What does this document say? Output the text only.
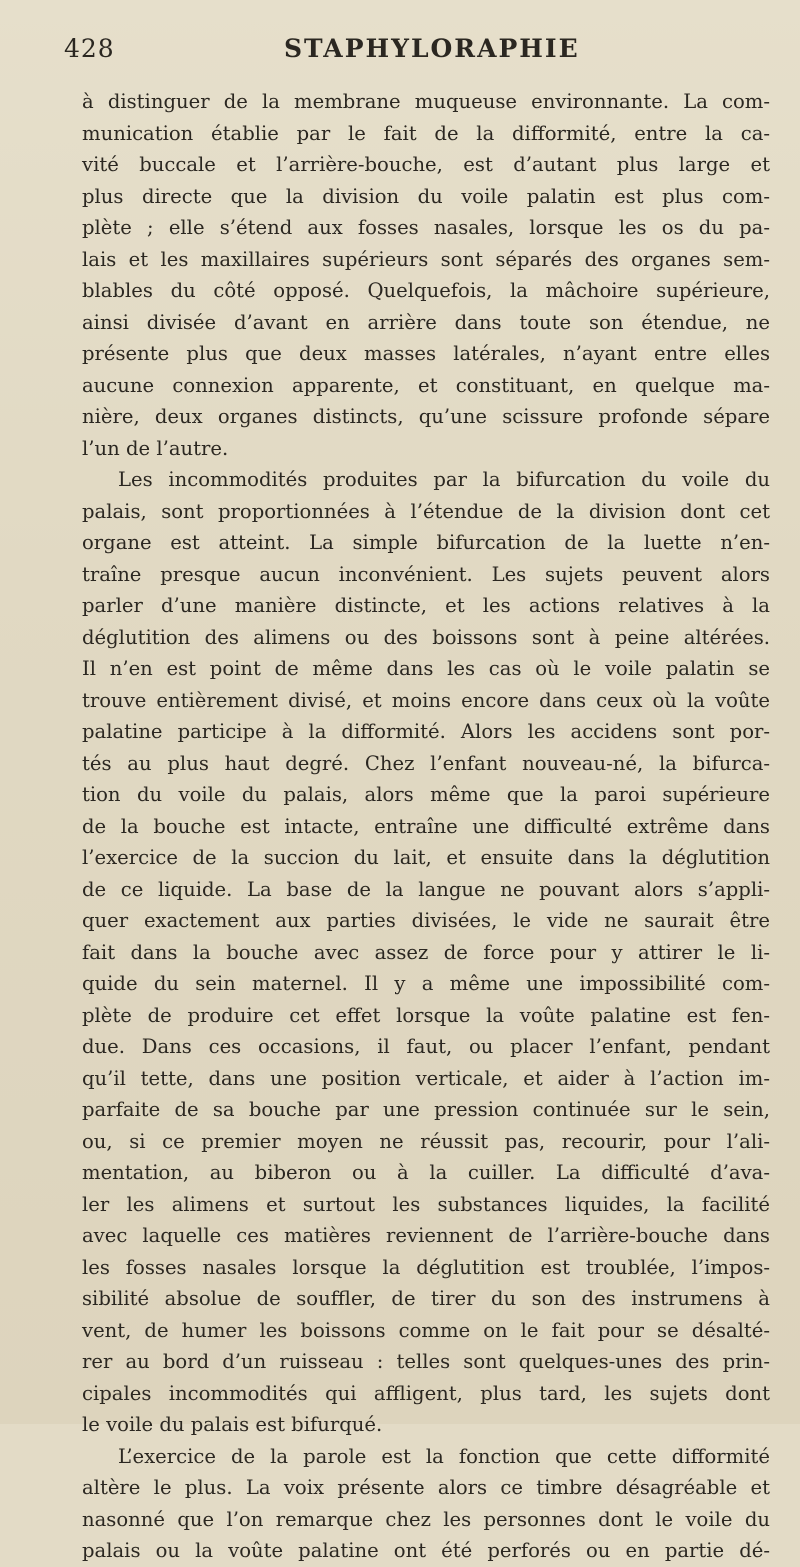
428	STAPHYLORAPHIE
à distinguer de la membrane muqueuse environnante. La com-
munication établie par le fait de la difformité, entre la ca-
vité buccale et l’arrière-bouche, est d’autant plus large et
plus directe que la division du voile palatin est plus com-
plète ; elle s’étend aux fosses nasales, lorsque les os du pa-
lais et les maxillaires supérieurs sont séparés des organes sem-
blables du côté opposé. Quelquefois, la mâchoire supérieure,
ainsi divisée d’avant en arrière dans toute son étendue, ne
présente plus que deux masses latérales, n’ayant entre elles
aucune connexion apparente, et constituant, en quelque ma-
nière, deux organes distincts, qu’une scissure profonde sépare
l’un de l’autre.
Les incommodités produites par la bifurcation du voile du
palais, sont proportionnées à l’étendue de la division dont cet
organe est atteint. La simple bifurcation de la luette n’en-
traîne presque aucun inconvénient. Les sujets peuvent alors
parler d’une manière distincte, et les actions relatives à la
déglutition des alimens ou des boissons sont à peine altérées.
Il n’en est point de même dans les cas où le voile palatin se
trouve entièrement divisé, et moins encore dans ceux où la voûte
palatine participe à la difformité. Alors les accidens sont por-
tés au plus haut degré. Chez l’enfant nouveau-né, la bifurca-
tion du voile du palais, alors même que la paroi supérieure
de la bouche est intacte, entraîne une difficulté extrême dans
l’exercice de la succion du lait, et ensuite dans la déglutition
de ce liquide. La base de la langue ne pouvant alors s’appli-
quer exactement aux parties divisées, le vide ne saurait être
fait dans la bouche avec assez de force pour y attirer le li-
quide du sein maternel. Il y a même une impossibilité com-
plète de produire cet effet lorsque la voûte palatine est fen-
due. Dans ces occasions, il faut, ou placer l’enfant, pendant
qu’il tette, dans une position verticale, et aider à l’action im-
parfaite de sa bouche par une pression continuée sur le sein,
ou, si ce premier moyen ne réussit pas, recourir, pour l’ali-
mentation, au biberon ou à la cuiller. La difficulté d’ava-
ler les alimens et surtout les substances liquides, la facilité
avec laquelle ces matières reviennent de l’arrière-bouche dans
les fosses nasales lorsque la déglutition est troublée, l’impos-
sibilité absolue de souffler, de tirer du son des instrumens à
vent, de humer les boissons comme on le fait pour se désalté-
rer au bord d’un ruisseau : telles sont quelques-unes des prin-
cipales incommodités qui affligent, plus tard, les sujets dont
le voile du palais est bifurqué.
L’exercice de la parole est la fonction que cette difformité
altère le plus. La voix présente alors ce timbre désagréable et
nasonné que l’on remarque chez les personnes dont le voile du
palais ou la voûte palatine ont été perforés ou en partie dé-
